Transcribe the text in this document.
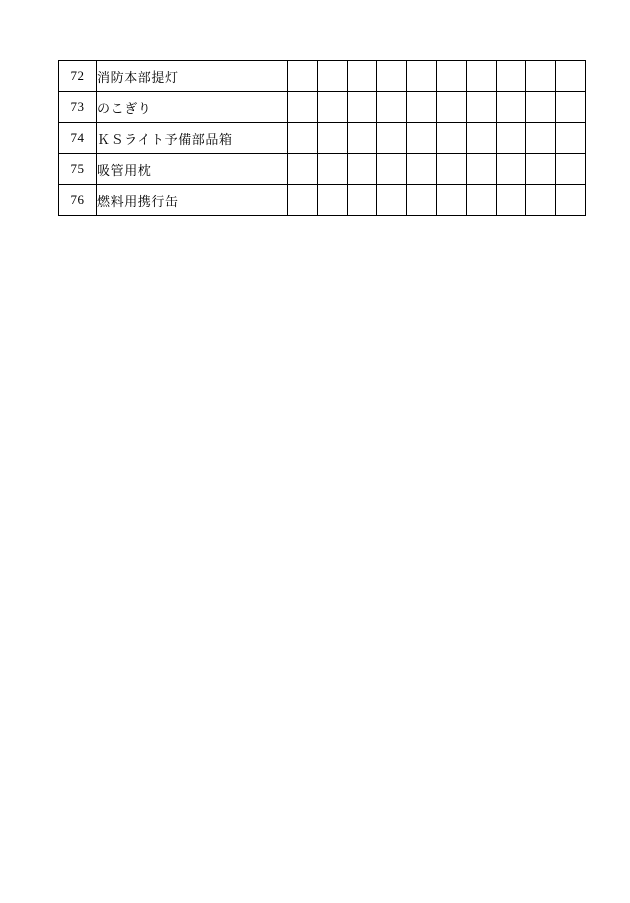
72	消防本部提灯										
73	のこぎり										
74	ＫＳライト予備部品箱										
75	吸管用枕										
76	燃料用携行缶										
